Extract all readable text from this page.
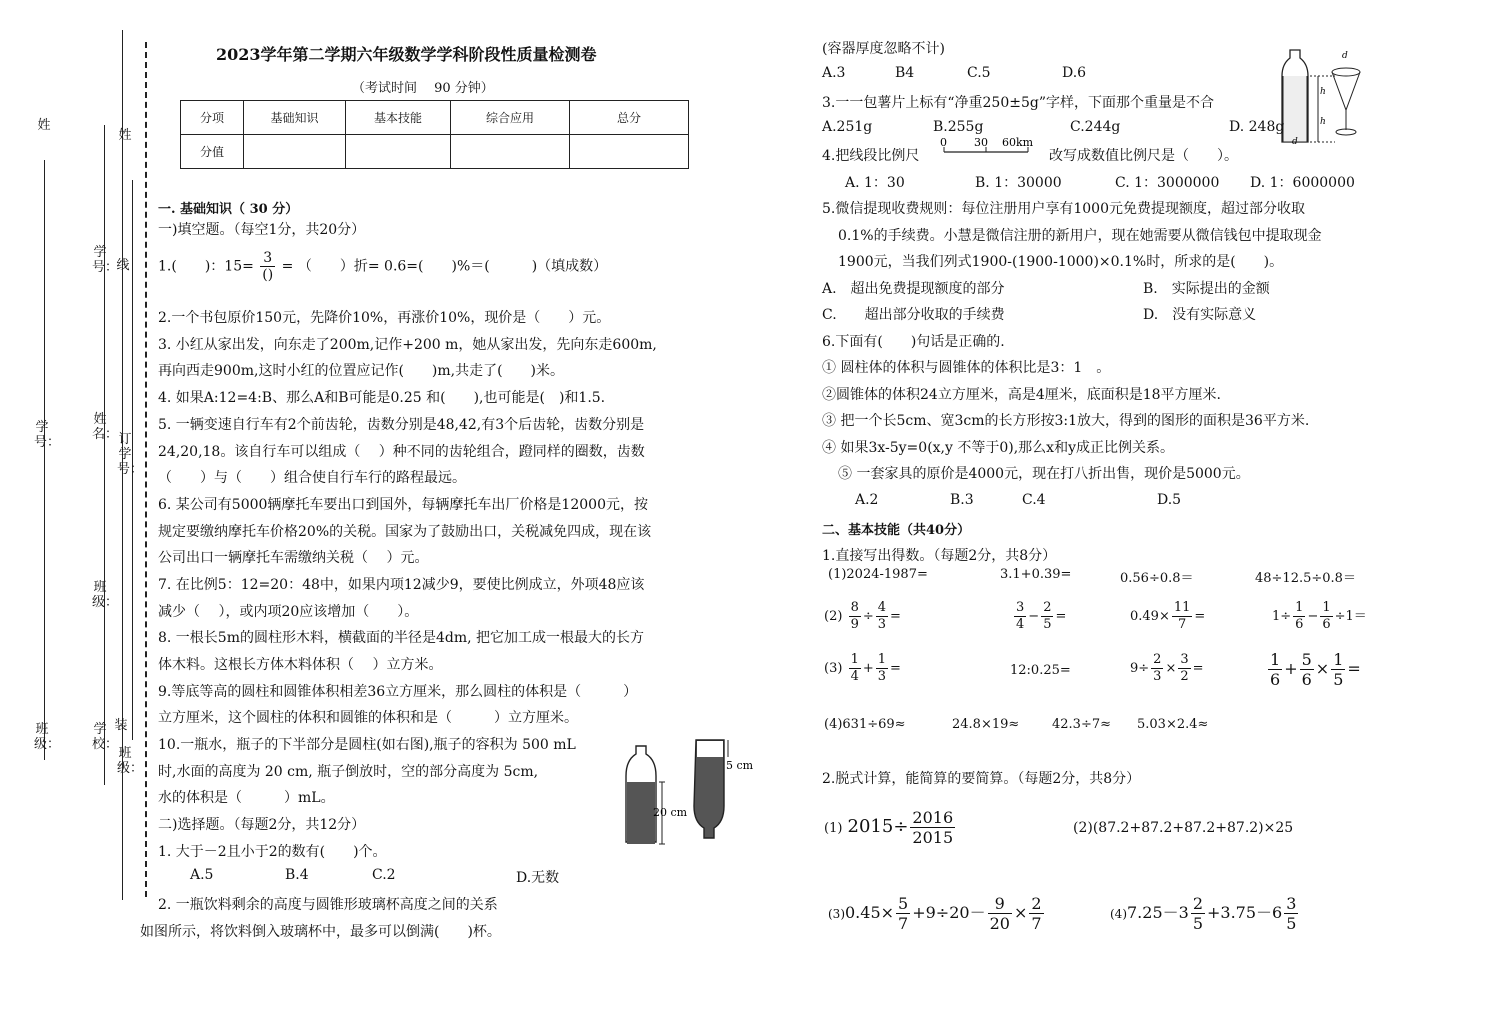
姓
姓
学号：
线
学号：
姓名： 订学号：
班级：
班级：
学校：
装
班级：
2023学年第二学期六年级数学学科阶段性质量检测卷
（考试时间　 90 分钟）
分项	基础知识	基本技能	综合应用	总分
分值				
一. 基础知识（ 30 分）
一)填空题。（每空1分，共20分）
1.(　　)：$15= \frac{3}{()}$ = （　　）折= 0.6=(　　)%＝(　　　)（填成数）
2.一个书包原价150元，先降价10%，再涨价10%，现价是（　　）元。
3. 小红从家出发，向东走了200m,记作+200 m，她从家出发，先向东走600m,
再向西走900m,这时小红的位置应记作(　　)m,共走了(　　)米。
4. 如果A:12=4:B、那么A和B可能是0.25 和(　　),也可能是(　)和1.5.
5. 一辆变速自行车有2个前齿轮，齿数分别是48,42,有3个后齿轮，齿数分别是
24,20,18。该自行车可以组成（　 ）种不同的齿轮组合，蹬同样的圈数，齿数
（　　）与（　　）组合使自行车行的路程最远。
6. 某公司有5000辆摩托车要出口到国外，每辆摩托车出厂价格是12000元，按
规定要缴纳摩托车价格20%的关税。国家为了鼓励出口，关税减免四成，现在该
公司出口一辆摩托车需缴纳关税（　 ）元。
7. 在比例5：12=20：48中，如果内项12减少9，要使比例成立，外项48应该
减少（　 ），或内项20应该增加（　　）。
8. 一根长5m的圆柱形木料，横截面的半径是4dm, 把它加工成一根最大的长方
体木料。这根长方体木料体积（　 ）立方米。
9.等底等高的圆柱和圆锥体积相差36立方厘米，那么圆柱的体积是（　　　）
立方厘米，这个圆柱的体积和圆锥的体积和是（　　　）立方厘米。
10.一瓶水，瓶子的下半部分是圆柱(如右图),瓶子的容积为 500 mL
时,水面的高度为 20 cm, 瓶子倒放时，空的部分高度为 5cm,
水的体积是（　　　）mL。
20 cm
5 cm
二)选择题。（每题2分，共12分）
1. 大于－2且小于2的数有(　　)个。
A.5	B.4	C.2	D.无数
2. 一瓶饮料剩余的高度与圆锥形玻璃杯高度之间的关系
如图所示，将饮料倒入玻璃杯中，最多可以倒满(　　)杯。
(容器厚度忽略不计)
A.3	B4	C.5	D.6
h
h
d
d
3.一一包薯片上标有“净重250±5g”字样，下面那个重量是不合
A.251g	B.255g	C.244g	D. 248g
4.把线段比例尺
0 30 60km
改写成数值比例尺是（　　）。
A. 1：30	B. 1：30000	C. 1：3000000 D. 1：6000000
5.微信提现收费规则：每位注册用户享有1000元免费提现额度，超过部分收取
0.1%的手续费。小慧是微信注册的新用户，现在她需要从微信钱包中提取现金
1900元，当我们列式1900-(1900-1000)×0.1%时，所求的是(　　)。
A.　超出免费提现额度的部分	B.　实际提出的金额
C.　　超出部分收取的手续费	D.　没有实际意义
6.下面有(　　)句话是正确的.
① 圆柱体的体积与圆锥体的体积比是3：1　。
②圆锥体的体积24立方厘米，高是4厘米，底面积是18平方厘米.
③ 把一个长5cm、宽3cm的长方形按3:1放大，得到的图形的面积是36平方米.
④ 如果3x-5y=0(x,y 不等于0),那么x和y成正比例关系。
⑤ 一套家具的原价是4000元，现在打八折出售，现价是5000元。
A.2	B.3	C.4	D.5
二、基本技能（共40分）
1.直接写出得数。（每题2分，共8分）
(1)2024-1987=	3.1+0.39=	0.56÷0.8＝	48÷12.5÷0.8＝
$(2) \frac{8}{9} \div \frac{4}{3}$ =	$\frac{3}{4} - \frac{2}{5}$ =	$0.49\times \frac{11}{7}$ =	$1\div \frac{1}{6} - \frac{1}{6} \div 1=$
$(3) \frac{1}{4} + \frac{1}{3}$ =	12:0.25=	$9\div \frac{2}{3} \times \frac{3}{2}$ =	$\frac{1}{6} + \frac{5}{6} \times \frac{1}{5}$ =
(4)631÷69≈	24.8×19≈	42.3÷7≈ 5.03×2.4≈
2.脱式计算，能简算的要简算。（每题2分，共8分）
(1) $2015\div \frac{2016}{2015}$	(2)(87.2+87.2+87.2+87.2)×25
$(3)0.45\times \frac{5}{7} +9\div 20- \frac{9}{20} \times \frac{2}{7}$	$(4)7.25-3 \frac{2}{5} +3.75-6 \frac{3}{5}$
